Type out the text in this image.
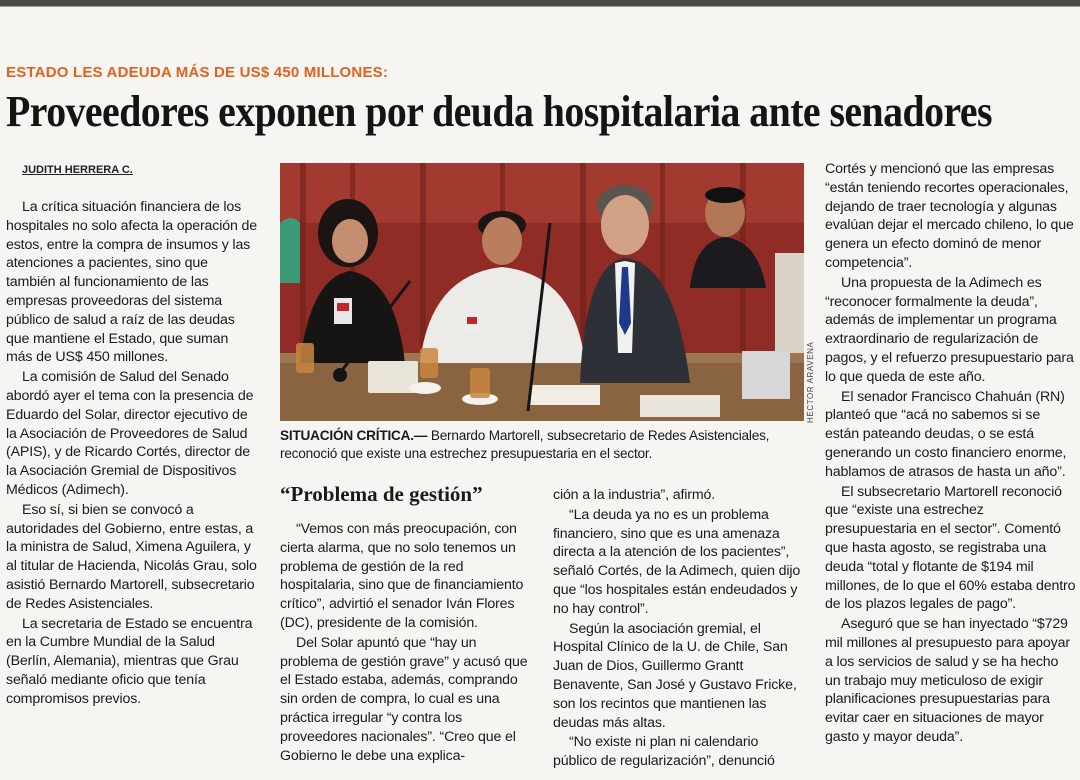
ESTADO LES ADEUDA MÁS DE US$ 450 MILLONES:
Proveedores exponen por deuda hospitalaria ante senadores
JUDITH HERRERA C.

La crítica situación financiera de los hospitales no solo afecta la operación de estos, entre la compra de insumos y las atenciones a pacientes, sino que también al funcionamiento de las empresas proveedoras del sistema público de salud a raíz de las deudas que mantiene el Estado, que suman más de US$ 450 millones.

La comisión de Salud del Senado abordó ayer el tema con la presencia de Eduardo del Solar, director ejecutivo de la Asociación de Proveedores de Salud (APIS), y de Ricardo Cortés, director de la Asociación Gremial de Dispositivos Médicos (Adimech).

Eso sí, si bien se convocó a autoridades del Gobierno, entre estas, a la ministra de Salud, Ximena Aguilera, y al titular de Hacienda, Nicolás Grau, solo asistió Bernardo Martorell, subsecretario de Redes Asistenciales.

La secretaria de Estado se encuentra en la Cumbre Mundial de la Salud (Berlín, Alemania), mientras que Grau señaló mediante oficio que tenía compromisos previos.

HÉCTOR ARAVENA
SITUACIÓN CRÍTICA.— Bernardo Martorell, subsecretario de Redes Asistenciales, reconoció que existe una estrechez presupuestaria en el sector.
“Problema de gestión”

“Vemos con más preocupación, con cierta alarma, que no solo tenemos un problema de gestión de la red hospitalaria, sino que de financiamiento crítico”, advirtió el senador Iván Flores (DC), presidente de la comisión.

Del Solar apuntó que “hay un problema de gestión grave” y acusó que el Estado estaba, además, comprando sin orden de compra, lo cual es una práctica irregular “y contra los proveedores nacionales”. “Creo que el Gobierno le debe una explica-

ción a la industria”, afirmó.

“La deuda ya no es un problema financiero, sino que es una amenaza directa a la atención de los pacientes”, señaló Cortés, de la Adimech, quien dijo que “los hospitales están endeudados y no hay control”.

Según la asociación gremial, el Hospital Clínico de la U. de Chile, San Juan de Dios, Guillermo Grantt Benavente, San José y Gustavo Fricke, son los recintos que mantienen las deudas más altas.

“No existe ni plan ni calendario público de regularización”, denunció

Cortés y mencionó que las empresas “están teniendo recortes operacionales, dejando de traer tecnología y algunas evalúan dejar el mercado chileno, lo que genera un efecto dominó de menor competencia”.

Una propuesta de la Adimech es “reconocer formalmente la deuda”, además de implementar un programa extraordinario de regularización de pagos, y el refuerzo presupuestario para lo que queda de este año.

El senador Francisco Chahuán (RN) planteó que “acá no sabemos si se están pateando deudas, o se está generando un costo financiero enorme, hablamos de atrasos de hasta un año”.

El subsecretario Martorell reconoció que “existe una estrechez presupuestaria en el sector”. Comentó que hasta agosto, se registraba una deuda “total y flotante de $194 mil millones, de lo que el 60% estaba dentro de los plazos legales de pago”.

Aseguró que se han inyectado “$729 mil millones al presupuesto para apoyar a los servicios de salud y se ha hecho un trabajo muy meticuloso de exigir planificaciones presupuestarias para evitar caer en situaciones de mayor gasto y mayor deuda”.
